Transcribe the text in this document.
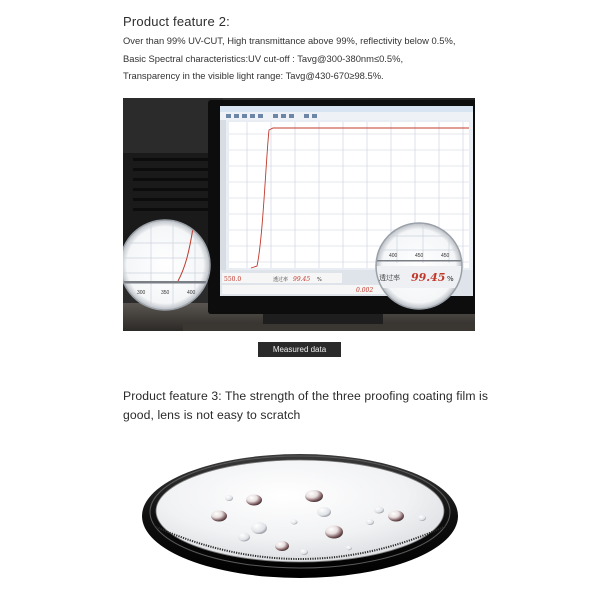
Product feature 2:
Over than 99% UV-CUT, High transmittance above 99%, reflectivity below 0.5%,
Basic Spectral characteristics:UV cut-off : Tavg@300-380nm≤0.5%,
Transparency in the visible light range: Tavg@430-670≥98.5%.
550.0	透过率 99.45 %
0.002
300	350	400
400	450	450
透过率 99.45 %
Measured data
Product feature 3: The strength of the three proofing coating film is good, lens is not easy to scratch
